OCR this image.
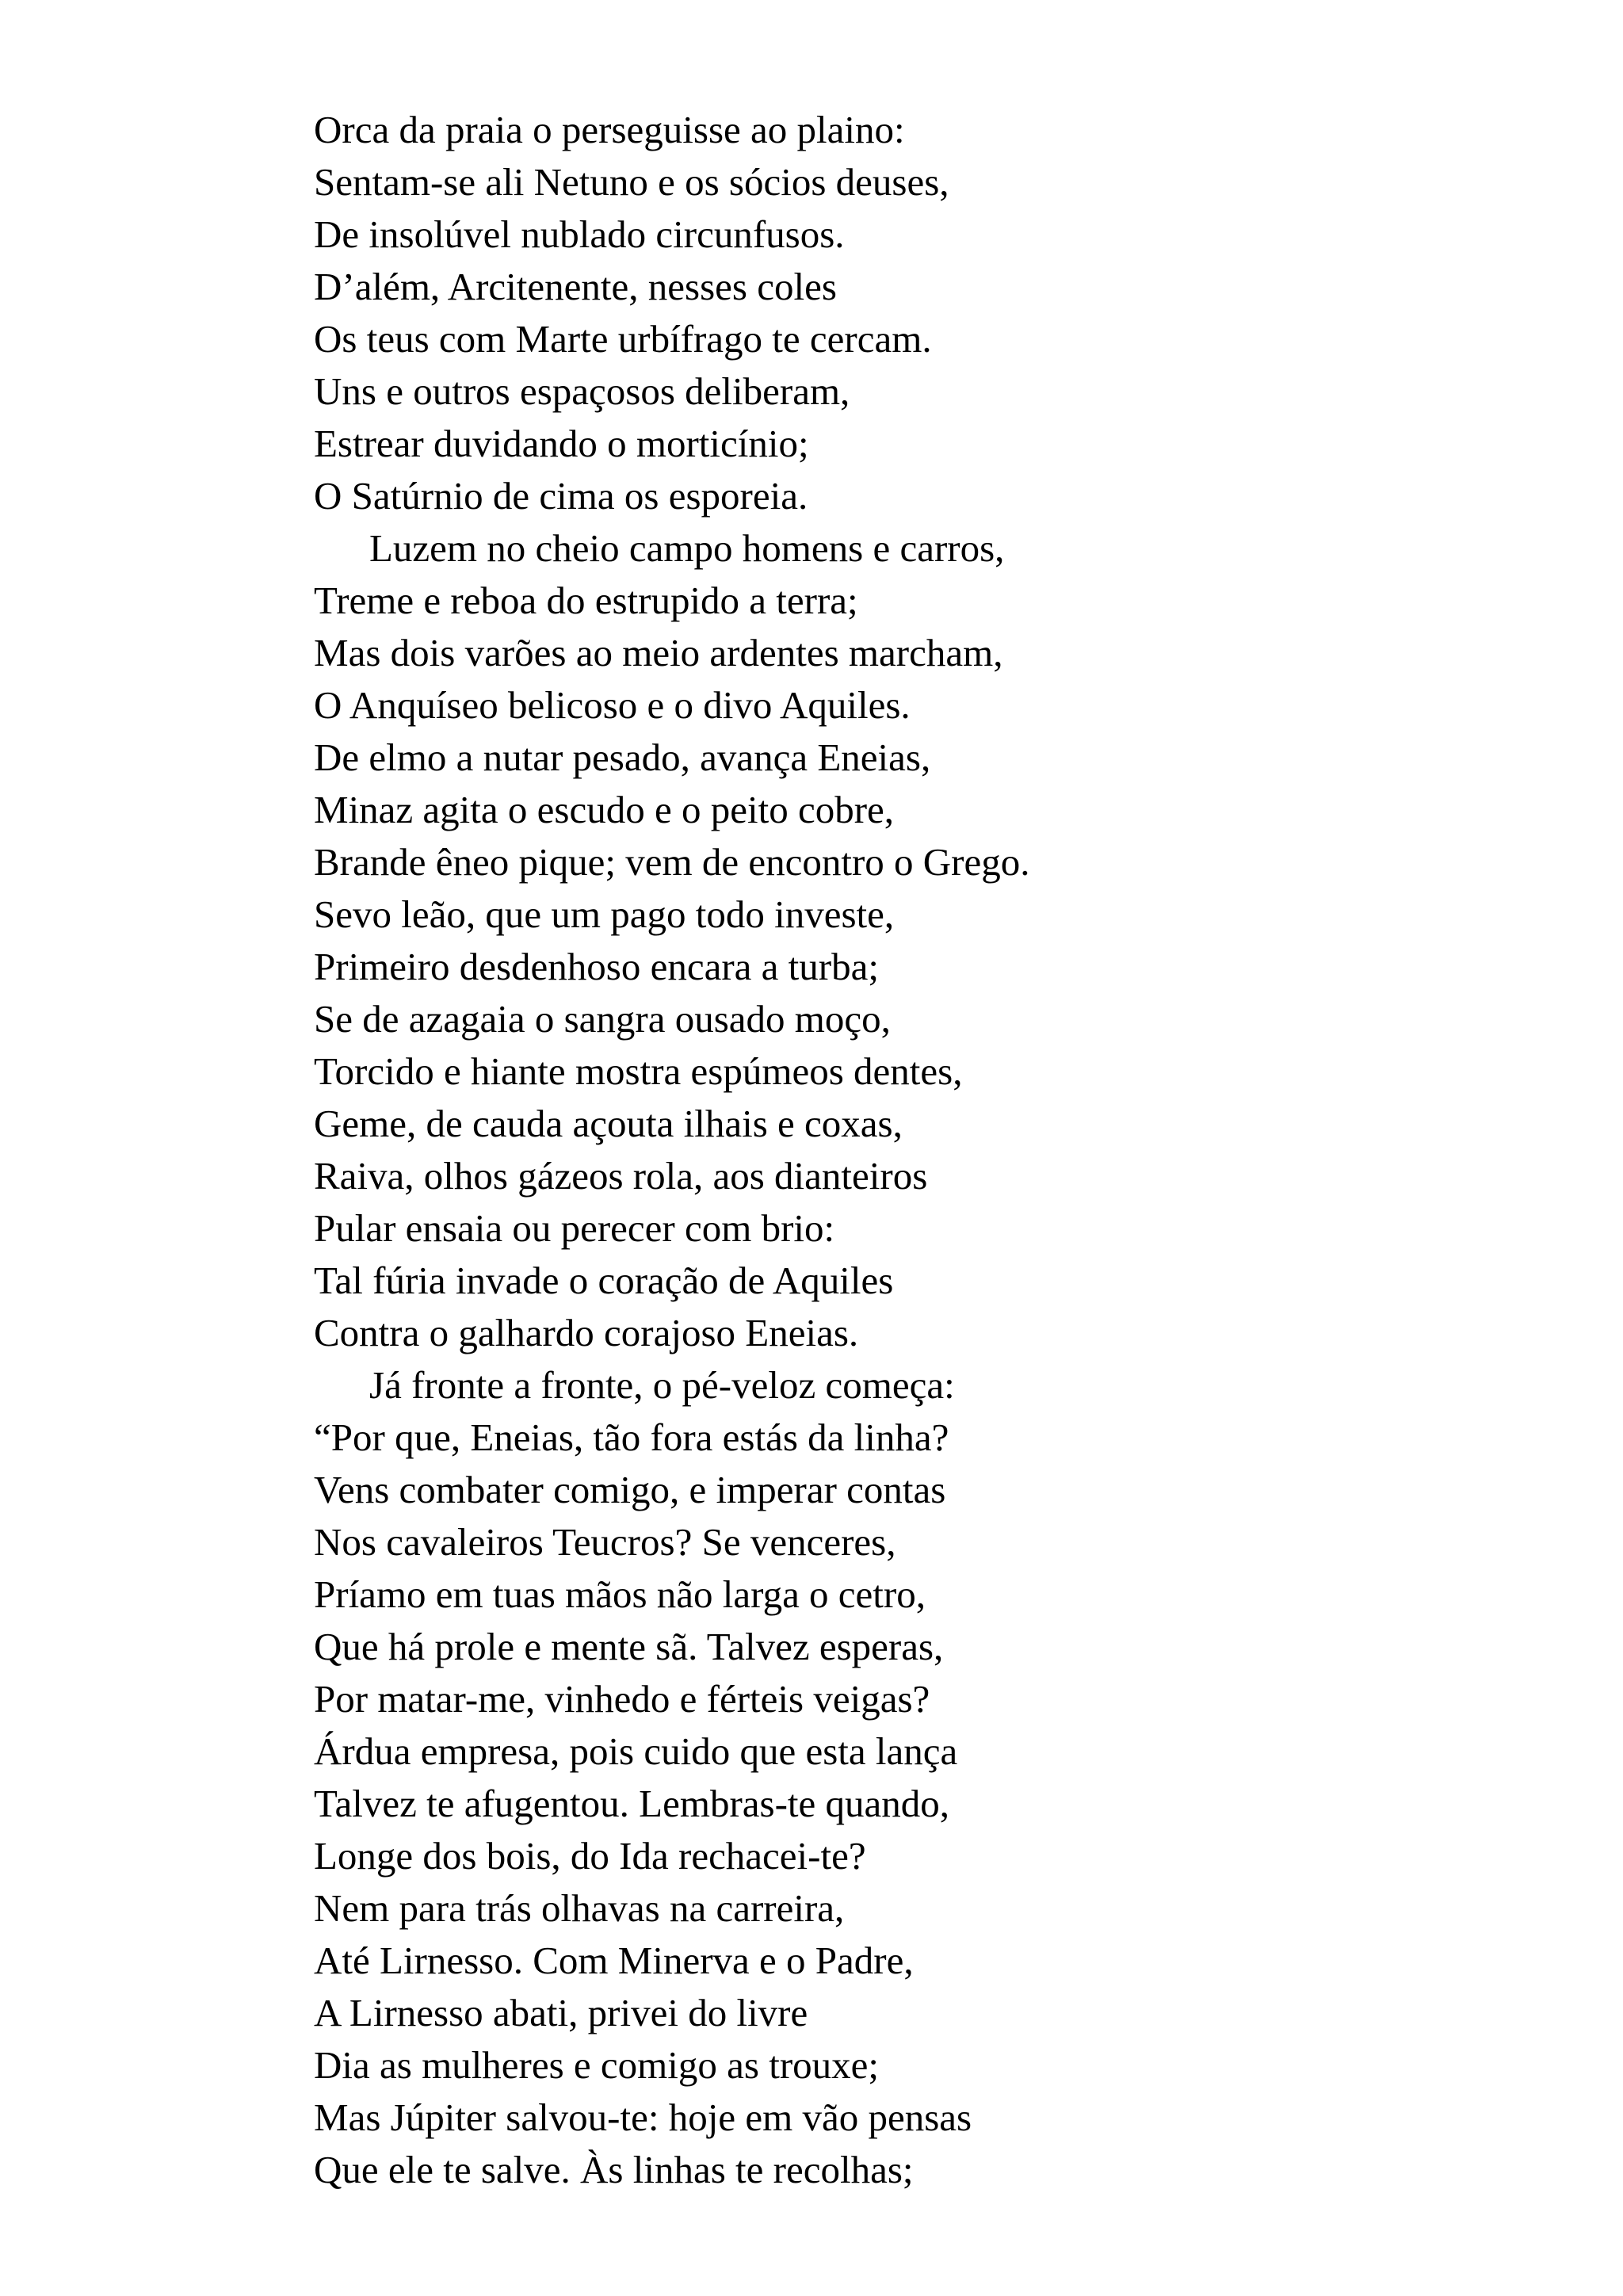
Orca da praia o perseguisse ao plaino:
Sentam-se ali Netuno e os sócios deuses,
De insolúvel nublado circunfusos.
D’além, Arcitenente, nesses coles
Os teus com Marte urbífrago te cercam.
Uns e outros espaçosos deliberam,
Estrear duvidando o morticínio;
O Satúrnio de cima os esporeia.
Luzem no cheio campo homens e carros,
Treme e reboa do estrupido a terra;
Mas dois varões ao meio ardentes marcham,
O Anquíseo belicoso e o divo Aquiles.
De elmo a nutar pesado, avança Eneias,
Minaz agita o escudo e o peito cobre,
Brande êneo pique; vem de encontro o Grego.
Sevo leão, que um pago todo investe,
Primeiro desdenhoso encara a turba;
Se de azagaia o sangra ousado moço,
Torcido e hiante mostra espúmeos dentes,
Geme, de cauda açouta ilhais e coxas,
Raiva, olhos gázeos rola, aos dianteiros
Pular ensaia ou perecer com brio:
Tal fúria invade o coração de Aquiles
Contra o galhardo corajoso Eneias.
Já fronte a fronte, o pé-veloz começa:
“Por que, Eneias, tão fora estás da linha?
Vens combater comigo, e imperar contas
Nos cavaleiros Teucros? Se venceres,
Príamo em tuas mãos não larga o cetro,
Que há prole e mente sã. Talvez esperas,
Por matar-me, vinhedo e férteis veigas?
Árdua empresa, pois cuido que esta lança
Talvez te afugentou. Lembras-te quando,
Longe dos bois, do Ida rechacei-te?
Nem para trás olhavas na carreira,
Até Lirnesso. Com Minerva e o Padre,
A Lirnesso abati, privei do livre
Dia as mulheres e comigo as trouxe;
Mas Júpiter salvou-te: hoje em vão pensas
Que ele te salve. Às linhas te recolhas;
